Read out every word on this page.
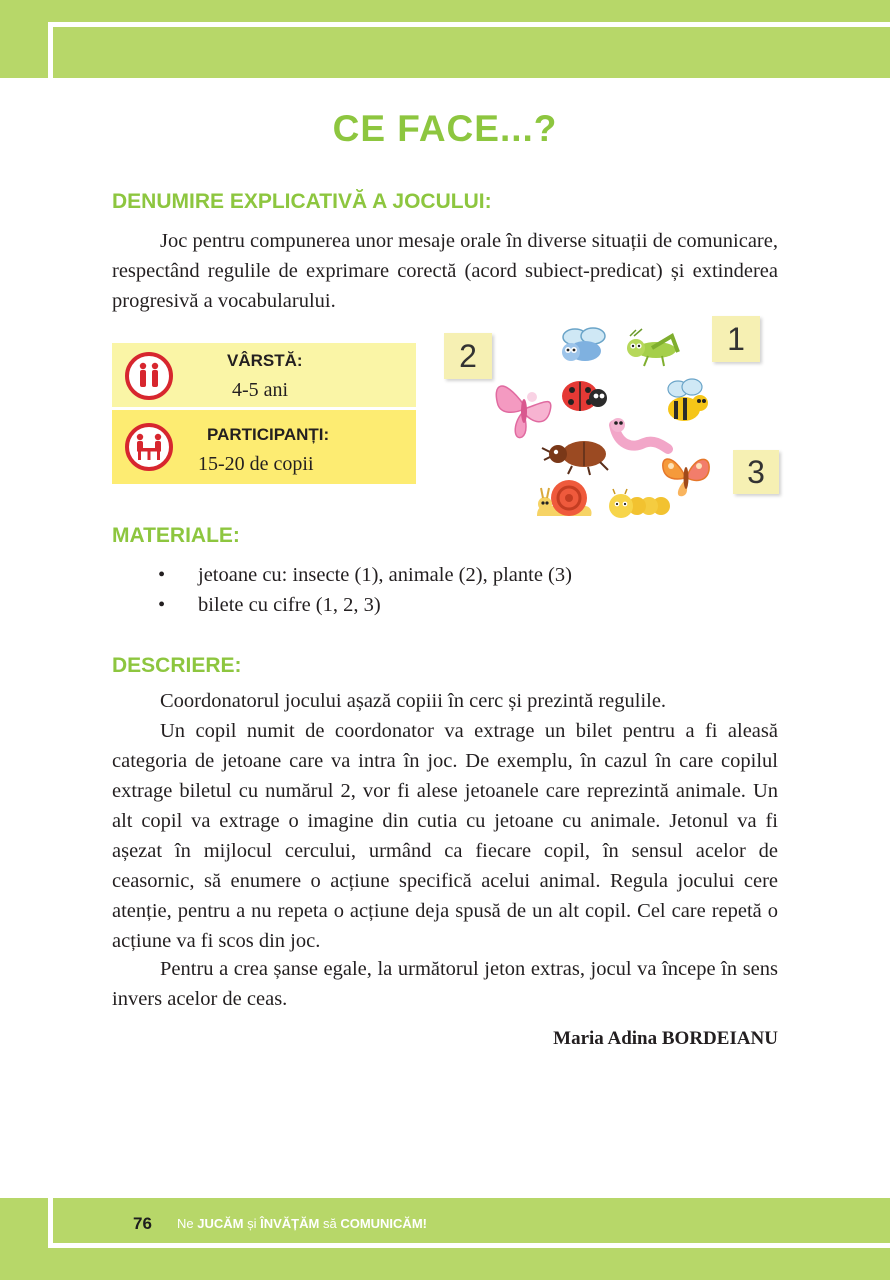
CE FACE...?
DENUMIRE EXPLICATIVĂ A JOCULUI:

Joc pentru compunerea unor mesaje orale în diverse situații de comunicare, respectând regulile de exprimare corectă (acord subiect-predicat) și extinderea progresivă a vocabularului.

VÂRSTĂ:
4-5 ani
PARTICIPANȚI:
15-20 de copii
2	1
3
MATERIALE:
• jetoane cu: insecte (1), animale (2), plante (3)
• bilete cu cifre (1, 2, 3)
DESCRIERE:

Coordonatorul jocului așază copiii în cerc și prezintă regulile.

Un copil numit de coordonator va extrage un bilet pentru a fi aleasă categoria de jetoane care va intra în joc. De exemplu, în cazul în care copilul extrage biletul cu numărul 2, vor fi alese jetoanele care reprezintă animale. Un alt copil va extrage o imagine din cutia cu jetoane cu animale. Jetonul va fi așezat în mijlocul cercului, urmând ca fiecare copil, în sensul acelor de ceasornic, să enumere o acțiune specifică acelui animal. Regula jocului cere atenție, pentru a nu repeta o acțiune deja spusă de un alt copil. Cel care repetă o acțiune va fi scos din joc.

Pentru a crea șanse egale, la următorul jeton extras, jocul va începe în sens invers acelor de ceas.

Maria Adina BORDEIANU
76 Ne JUCĂM și ÎNVĂȚĂM să COMUNICĂM!
